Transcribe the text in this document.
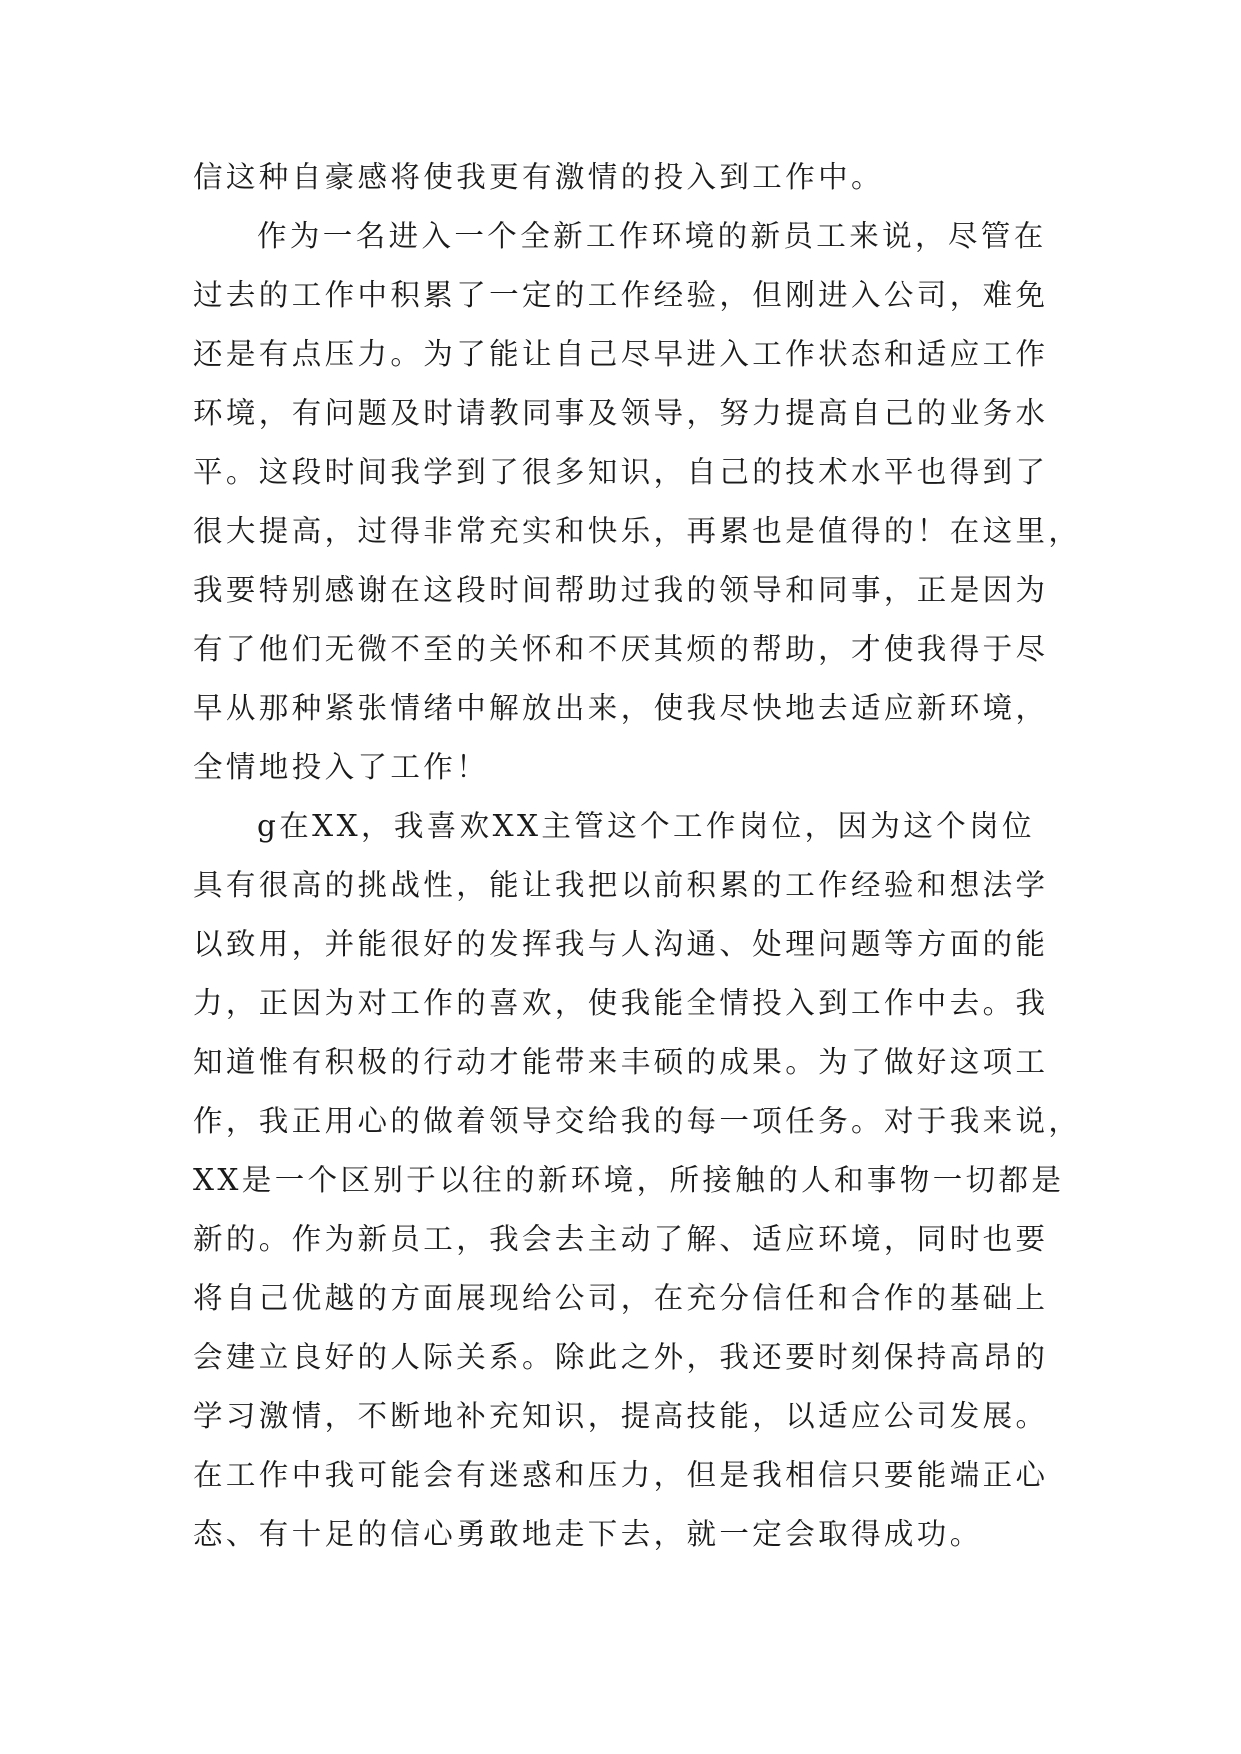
信这种自豪感将使我更有激情的投入到工作中。
作为一名进入一个全新工作环境的新员工来说，尽管在
过去的工作中积累了一定的工作经验，但刚进入公司，难免
还是有点压力。为了能让自己尽早进入工作状态和适应工作
环境，有问题及时请教同事及领导，努力提高自己的业务水
平。这段时间我学到了很多知识，自己的技术水平也得到了
很大提高，过得非常充实和快乐，再累也是值得的！在这里，
我要特别感谢在这段时间帮助过我的领导和同事，正是因为
有了他们无微不至的关怀和不厌其烦的帮助，才使我得于尽
早从那种紧张情绪中解放出来，使我尽快地去适应新环境，
全情地投入了工作！
g在XX，我喜欢XX主管这个工作岗位，因为这个岗位
具有很高的挑战性，能让我把以前积累的工作经验和想法学
以致用，并能很好的发挥我与人沟通、处理问题等方面的能
力，正因为对工作的喜欢，使我能全情投入到工作中去。我
知道惟有积极的行动才能带来丰硕的成果。为了做好这项工
作，我正用心的做着领导交给我的每一项任务。对于我来说，
XX是一个区别于以往的新环境，所接触的人和事物一切都是
新的。作为新员工，我会去主动了解、适应环境，同时也要
将自己优越的方面展现给公司，在充分信任和合作的基础上
会建立良好的人际关系。除此之外，我还要时刻保持高昂的
学习激情，不断地补充知识，提高技能，以适应公司发展。
在工作中我可能会有迷惑和压力，但是我相信只要能端正心
态、有十足的信心勇敢地走下去，就一定会取得成功。
